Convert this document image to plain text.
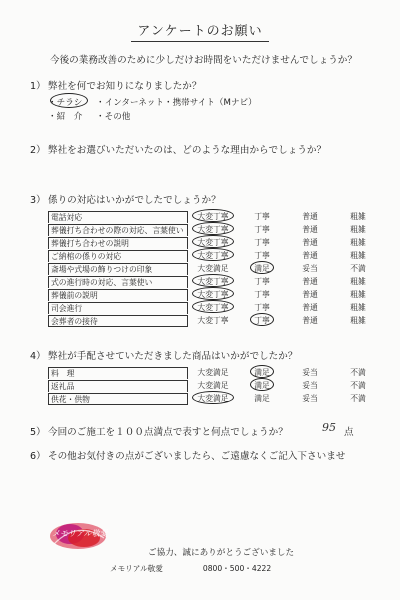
アンケートのお願い
今後の業務改善のために少しだけお時間をいただけませんでしょうか？
1） 弊社を何でお知りになりましたか？
・チラシ	・インターネット・携帯サイト（Mナビ）
・紹　介	・その他
2） 弊社をお選びいただいたのは、どのような理由からでしょうか？
3） 係りの対応はいかがでしたでしょうか？
電話対応	大変丁寧	丁寧	普通	粗雑
葬儀打ち合わせの際の対応、言葉使い	大変丁寧	丁寧	普通	粗雑
葬儀打ち合わせの説明	大変丁寧	丁寧	普通	粗雑
ご納棺の係りの対応	大変丁寧	丁寧	普通	粗雑
斎場や式場の飾りつけの印象	大変満足	満足	妥当	不満
式の進行時の対応、言葉使い	大変丁寧	丁寧	普通	粗雑
葬儀前の説明	大変丁寧	丁寧	普通	粗雑
司会進行	大変丁寧	丁寧	普通	粗雑
会葬者の接待	大変丁寧	丁寧	普通	粗雑
4） 弊社が手配させていただきました商品はいかがでしたか？
料　理	大変満足	満足	妥当	不満
返礼品	大変満足	満足	妥当	不満
供花・供物	大変満足	満足	妥当	不満
5） 今回のご施工を１００点満点で表すと何点でしょうか？	95 点
6） その他お気付きの点がございましたら、ご遠慮なくご記入下さいませ
メモリアル敬愛
ご協力、誠にありがとうございました
メモリアル敬愛	0800・500・4222
